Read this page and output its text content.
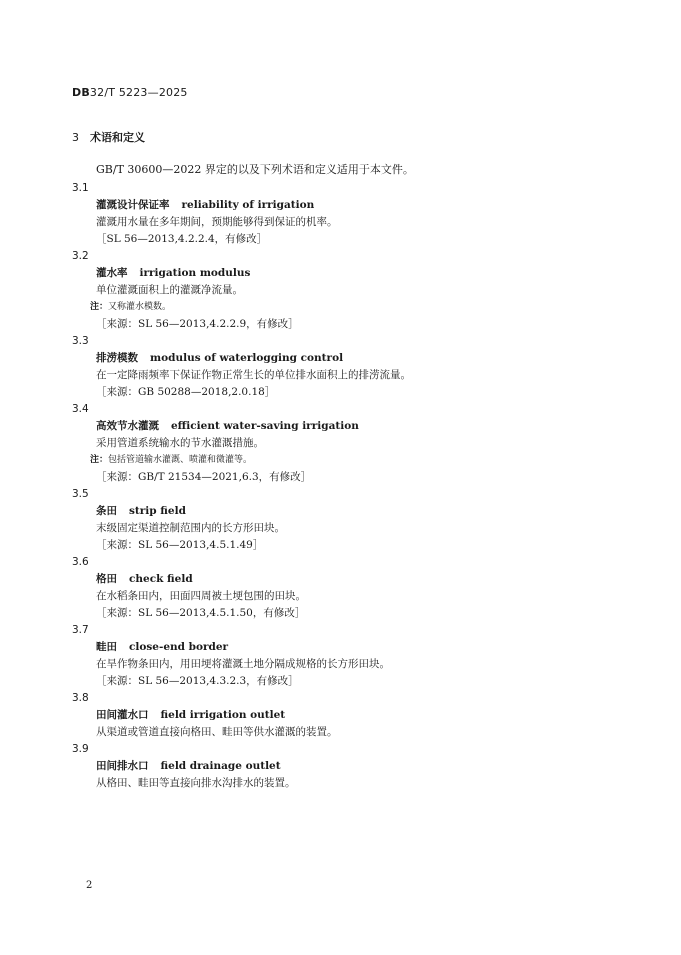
DB32/T 5223—2025
3 术语和定义
GB/T 30600—2022 界定的以及下列术语和定义适用于本文件。
3.1
灌溉设计保证率 reliability of irrigation
灌溉用水量在多年期间，预期能够得到保证的机率。
［SL 56—2013,4.2.2.4，有修改］
3.2
灌水率 irrigation modulus
单位灌溉面积上的灌溉净流量。
注：又称灌水模数。
［来源：SL 56—2013,4.2.2.9，有修改］
3.3
排涝模数 modulus of waterlogging control
在一定降雨频率下保证作物正常生长的单位排水面积上的排涝流量。
［来源：GB 50288—2018,2.0.18］
3.4
高效节水灌溉 efficient water-saving irrigation
采用管道系统输水的节水灌溉措施。
注：包括管道输水灌溉、喷灌和微灌等。
［来源：GB/T 21534—2021,6.3，有修改］
3.5
条田 strip field
末级固定渠道控制范围内的长方形田块。
［来源：SL 56—2013,4.5.1.49］
3.6
格田 check field
在水稻条田内，田面四周被土埂包围的田块。
［来源：SL 56—2013,4.5.1.50，有修改］
3.7
畦田 close-end border
在旱作物条田内，用田埂将灌溉土地分隔成规格的长方形田块。
［来源：SL 56—2013,4.3.2.3，有修改］
3.8
田间灌水口 field irrigation outlet
从渠道或管道直接向格田、畦田等供水灌溉的装置。
3.9
田间排水口 field drainage outlet
从格田、畦田等直接向排水沟排水的装置。
2
